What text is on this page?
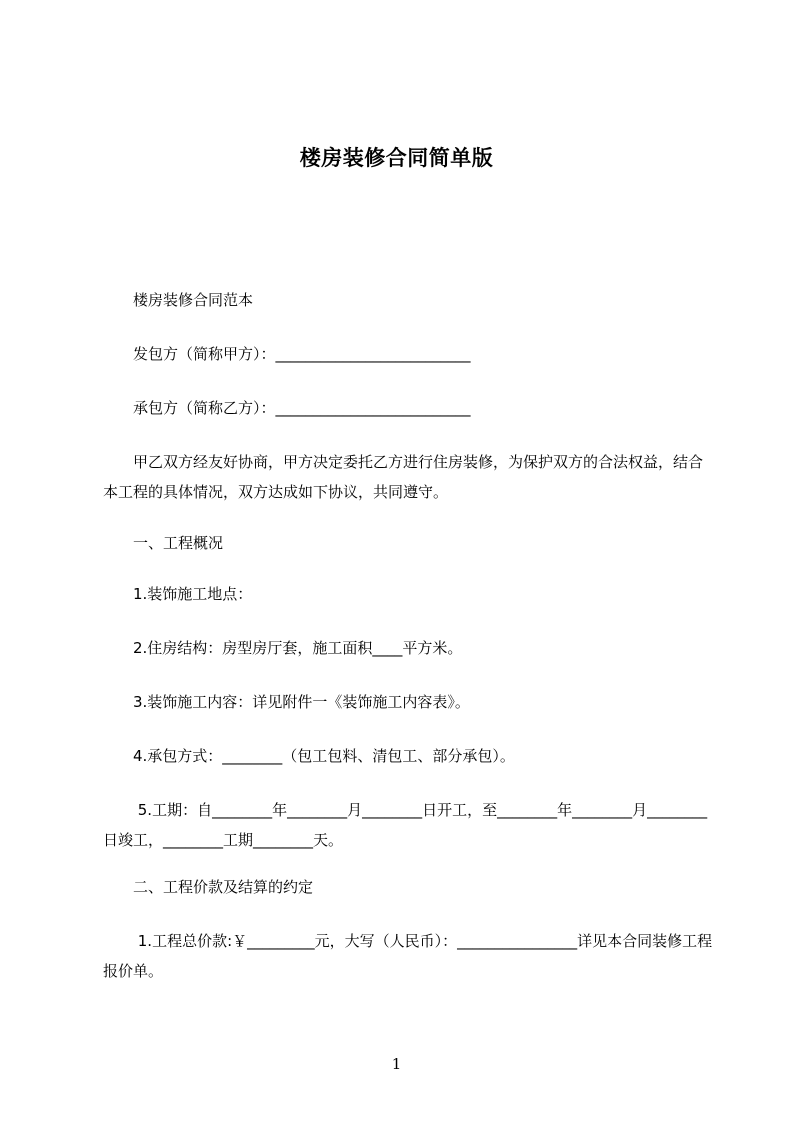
楼房装修合同简单版
　　楼房装修合同范本
　　发包方（简称甲方）：__________________________
　　承包方（简称乙方）：__________________________
　　甲乙双方经友好协商，甲方决定委托乙方进行住房装修，为保护双方的合法权益，结合本工程的具体情况，双方达成如下协议，共同遵守。
　　一、工程概况
　　1.装饰施工地点：
　　2.住房结构：房型房厅套，施工面积____平方米。
　　3.装饰施工内容：详见附件一《装饰施工内容表》。
　　4.承包方式：________（包工包料、清包工、部分承包）。
　　 5.工期：自________年________月________日开工，至________年________月________日竣工，________工期________天。
　　二、工程价款及结算的约定
　　 1.工程总价款:￥_________元，大写（人民币）：________________详见本合同装修工程报价单。
1
